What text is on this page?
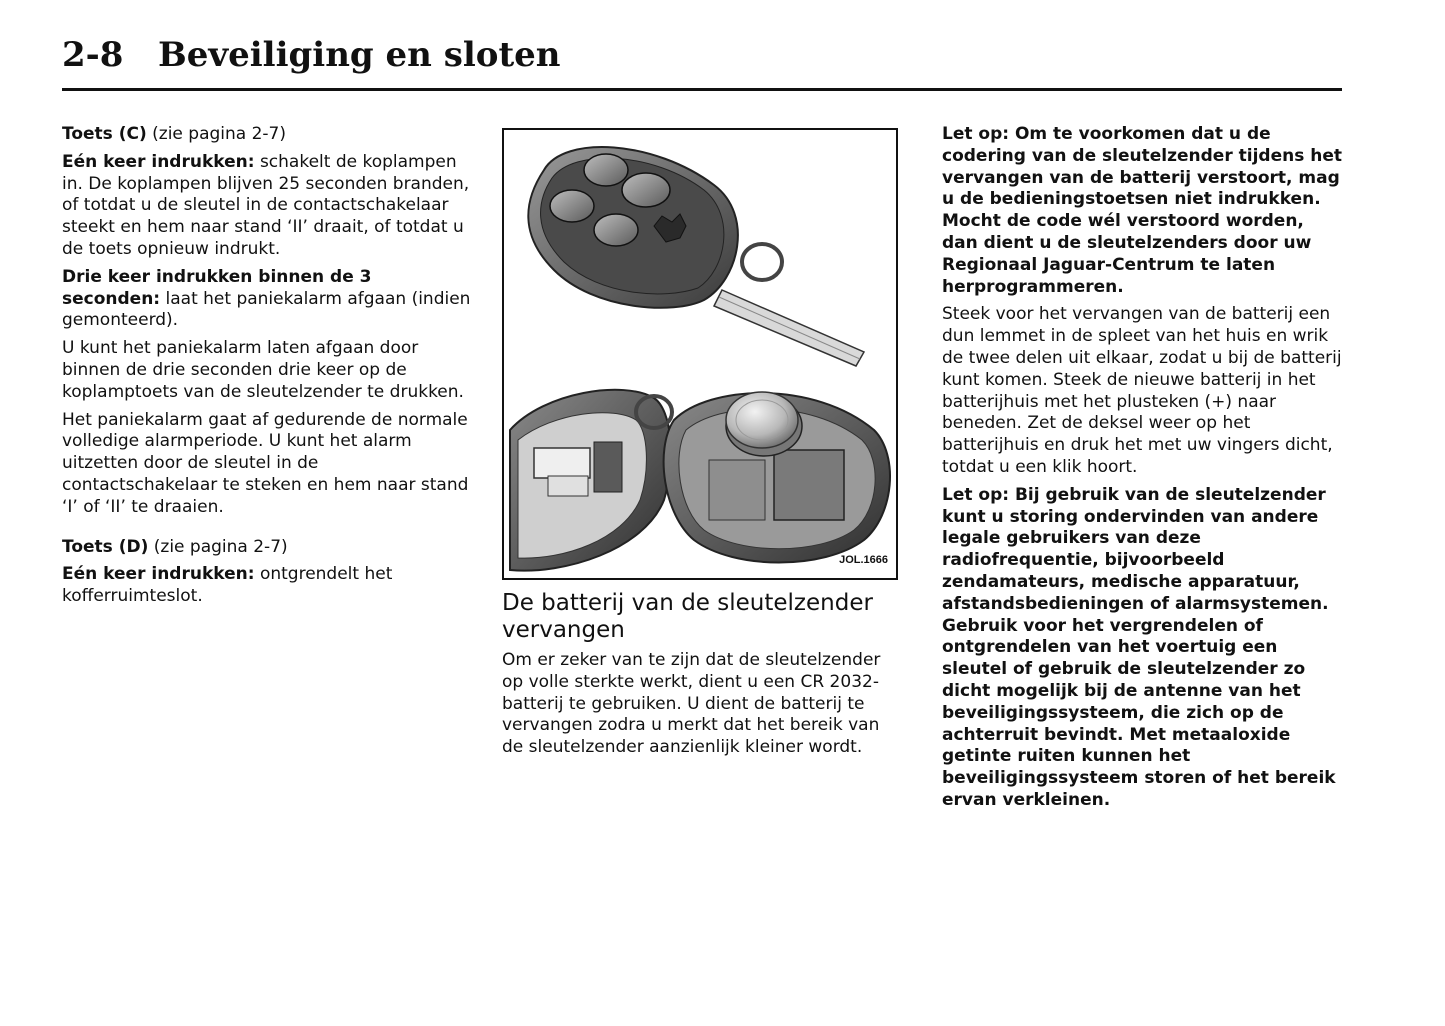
2-8 Beveiliging en sloten

Toets (C) (zie pagina 2-7)

Eén keer indrukken: schakelt de koplampen in. De koplampen blijven 25 seconden branden, of totdat u de sleutel in de contactschakelaar steekt en hem naar stand ‘II’ draait, of totdat u de toets opnieuw indrukt.

Drie keer indrukken binnen de 3 seconden: laat het paniekalarm afgaan (indien gemonteerd).

U kunt het paniekalarm laten afgaan door binnen de drie seconden drie keer op de koplamptoets van de sleutelzender te drukken.

Het paniekalarm gaat af gedurende de normale volledige alarmperiode. U kunt het alarm uitzetten door de sleutel in de contactschakelaar te steken en hem naar stand ‘I’ of ‘II’ te draaien.

Toets (D) (zie pagina 2-7)

Eén keer indrukken: ontgrendelt het kofferruimteslot.

JOL.1666
De batterij van de sleutelzender vervangen

Om er zeker van te zijn dat de sleutelzender op volle sterkte werkt, dient u een CR 2032-batterij te gebruiken. U dient de batterij te vervangen zodra u merkt dat het bereik van de sleutelzender aanzienlijk kleiner wordt.

Let op: Om te voorkomen dat u de codering van de sleutelzender tijdens het vervangen van de batterij verstoort, mag u de bedieningstoetsen niet indrukken. Mocht de code wél verstoord worden, dan dient u de sleutelzenders door uw Regionaal Jaguar-Centrum te laten herprogrammeren.

Steek voor het vervangen van de batterij een dun lemmet in de spleet van het huis en wrik de twee delen uit elkaar, zodat u bij de batterij kunt komen. Steek de nieuwe batterij in het batterijhuis met het plusteken (+) naar beneden. Zet de deksel weer op het batterijhuis en druk het met uw vingers dicht, totdat u een klik hoort.

Let op: Bij gebruik van de sleutelzender kunt u storing ondervinden van andere legale gebruikers van deze radiofrequentie, bijvoorbeeld zendamateurs, medische apparatuur, afstandsbedieningen of alarmsystemen. Gebruik voor het vergrendelen of ontgrendelen van het voertuig een sleutel of gebruik de sleutelzender zo dicht mogelijk bij de antenne van het beveiligingssysteem, die zich op de achterruit bevindt. Met metaaloxide getinte ruiten kunnen het beveiligingssysteem storen of het bereik ervan verkleinen.
